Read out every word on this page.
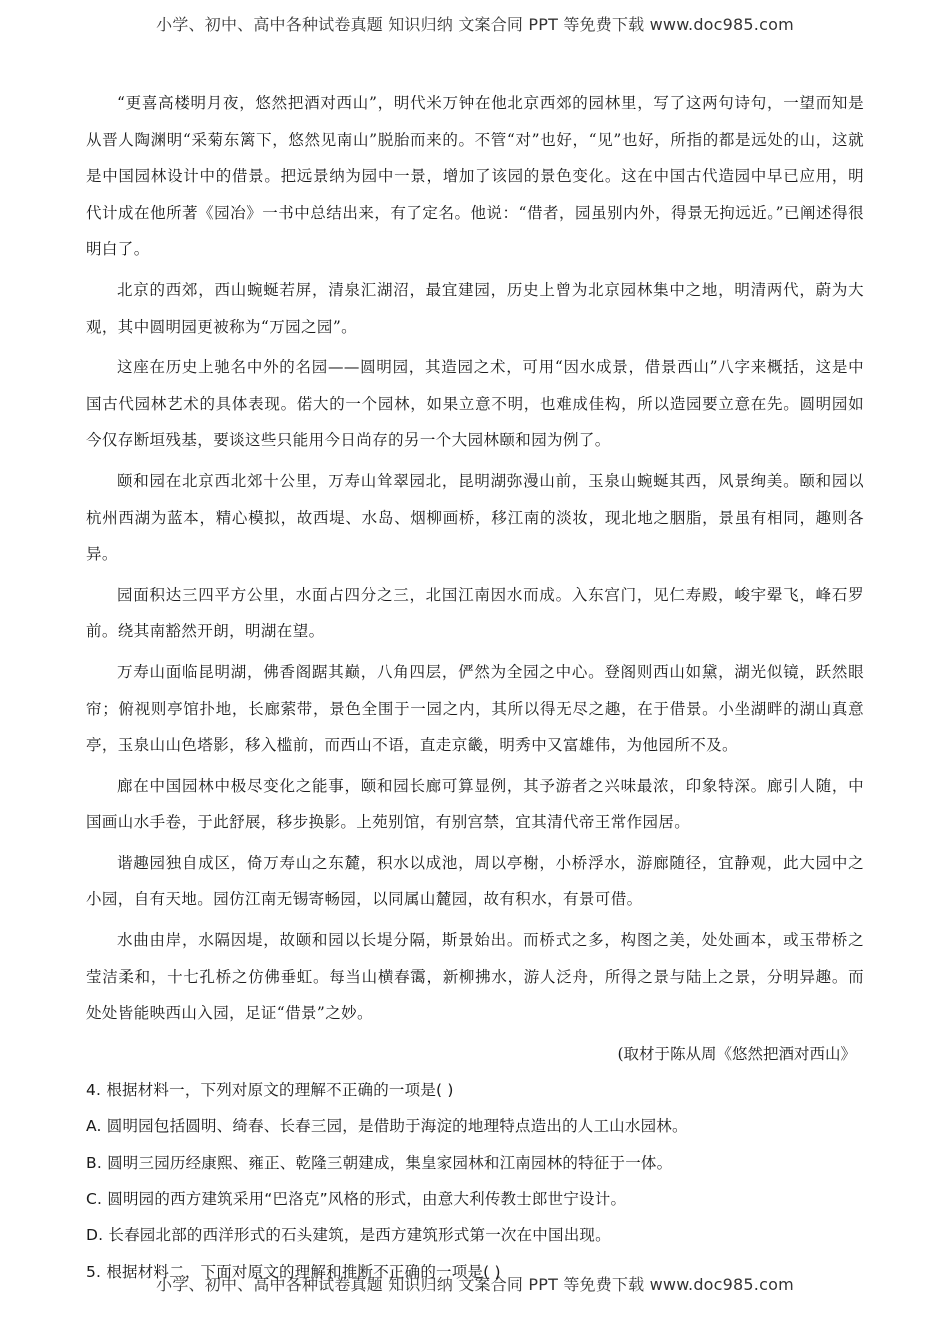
小学、初中、高中各种试卷真题 知识归纳 文案合同 PPT 等免费下载 www.doc985.com

“更喜高楼明月夜，悠然把酒对西山”，明代米万钟在他北京西郊的园林里，写了这两句诗句，一望而知是从晋人陶渊明“采菊东篱下，悠然见南山”脱胎而来的。不管“对”也好，“见”也好，所指的都是远处的山，这就是中国园林设计中的借景。把远景纳为园中一景，增加了该园的景色变化。这在中国古代造园中早已应用，明代计成在他所著《园冶》一书中总结出来，有了定名。他说：“借者，园虽别内外，得景无拘远近。”已阐述得很明白了。

北京的西郊，西山蜿蜒若屏，清泉汇湖沼，最宜建园，历史上曾为北京园林集中之地，明清两代，蔚为大观，其中圆明园更被称为“万园之园”。

这座在历史上驰名中外的名园——圆明园，其造园之术，可用“因水成景，借景西山”八字来概括，这是中国古代园林艺术的具体表现。偌大的一个园林，如果立意不明，也难成佳构，所以造园要立意在先。圆明园如今仅存断垣残基，要谈这些只能用今日尚存的另一个大园林颐和园为例了。

颐和园在北京西北郊十公里，万寿山耸翠园北，昆明湖弥漫山前，玉泉山蜿蜒其西，风景绚美。颐和园以杭州西湖为蓝本，精心模拟，故西堤、水岛、烟柳画桥，移江南的淡妆，现北地之胭脂，景虽有相同，趣则各异。

园面积达三四平方公里，水面占四分之三，北国江南因水而成。入东宫门，见仁寿殿，峻宇翚飞，峰石罗前。绕其南豁然开朗，明湖在望。

万寿山面临昆明湖，佛香阁踞其巅，八角四层，俨然为全园之中心。登阁则西山如黛，湖光似镜，跃然眼帘；俯视则亭馆扑地，长廊萦带，景色全围于一园之内，其所以得无尽之趣，在于借景。小坐湖畔的湖山真意亭，玉泉山山色塔影，移入槛前，而西山不语，直走京畿，明秀中又富雄伟，为他园所不及。

廊在中国园林中极尽变化之能事，颐和园长廊可算显例，其予游者之兴味最浓，印象特深。廊引人随，中国画山水手卷，于此舒展，移步换影。上苑别馆，有别宫禁，宜其清代帝王常作园居。

谐趣园独自成区，倚万寿山之东麓，积水以成池，周以亭榭，小桥浮水，游廊随径，宜静观，此大园中之小园，自有天地。园仿江南无锡寄畅园，以同属山麓园，故有积水，有景可借。

水曲由岸，水隔因堤，故颐和园以长堤分隔，斯景始出。而桥式之多，构图之美，处处画本，或玉带桥之莹洁柔和，十七孔桥之仿佛垂虹。每当山横春霭，新柳拂水，游人泛舟，所得之景与陆上之景，分明异趣。而处处皆能映西山入园，足证“借景”之妙。

(取材于陈从周《悠然把酒对西山》

4. 根据材料一，下列对原文的理解不正确的一项是( )

A. 圆明园包括圆明、绮春、长春三园，是借助于海淀的地理特点造出的人工山水园林。

B. 圆明三园历经康熙、雍正、乾隆三朝建成，集皇家园林和江南园林的特征于一体。

C. 圆明园的西方建筑采用“巴洛克”风格的形式，由意大利传教士郎世宁设计。

D. 长春园北部的西洋形式的石头建筑，是西方建筑形式第一次在中国出现。

5. 根据材料二，下面对原文的理解和推断不正确的一项是( )

小学、初中、高中各种试卷真题 知识归纳 文案合同 PPT 等免费下载 www.doc985.com
